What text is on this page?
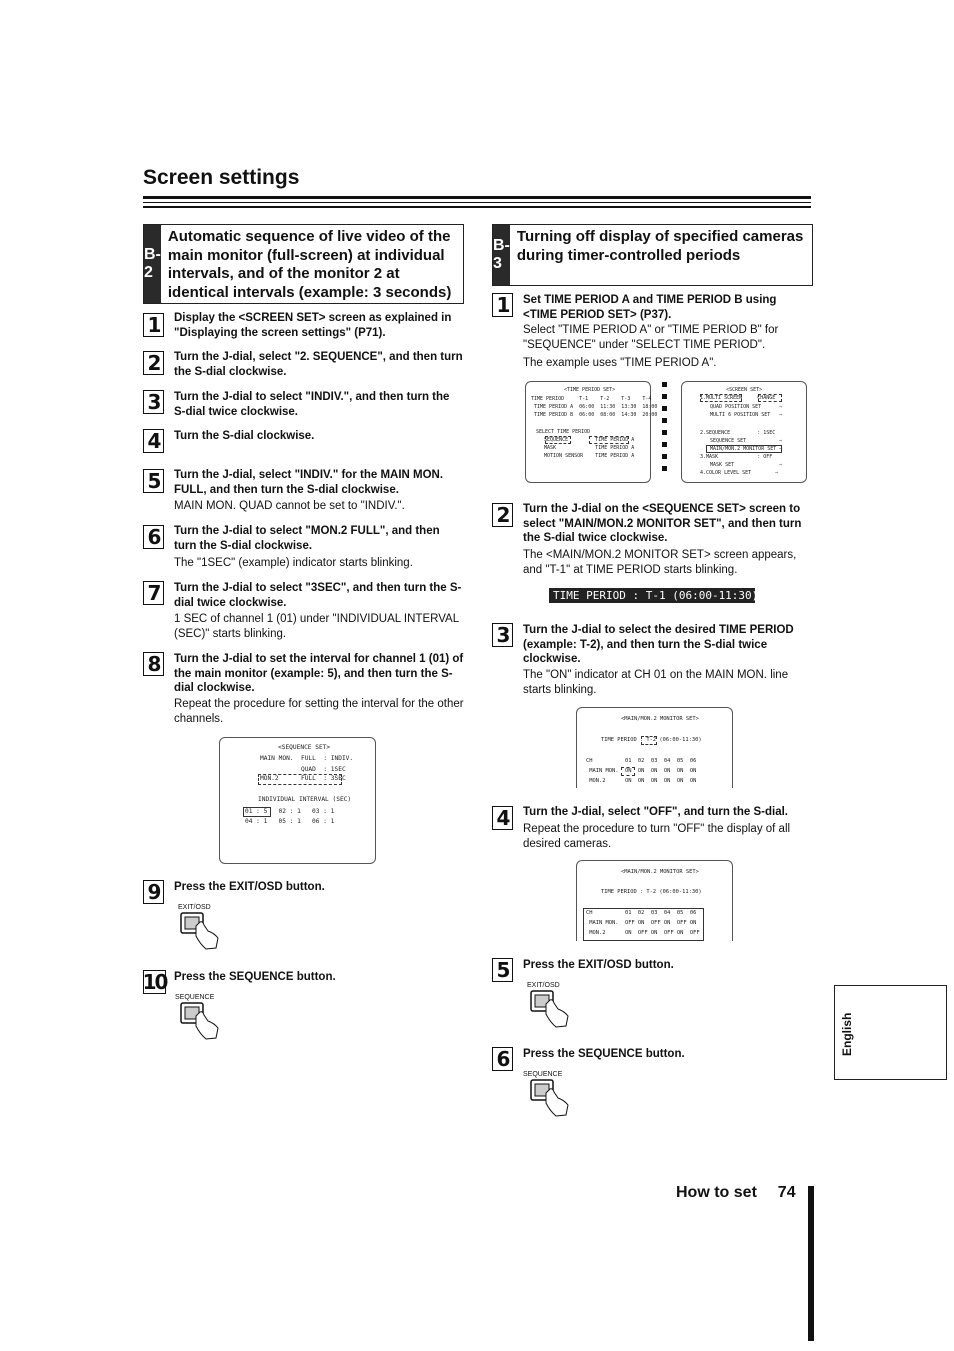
Screen settings
B-2
Automatic sequence of live video of the main monitor (full-screen) at individual intervals, and of the monitor 2 at identical intervals (example: 3 seconds)
1	Display the <SCREEN SET> screen as explained in "Displaying the screen settings" (P71).
2	Turn the J-dial, select "2. SEQUENCE", and then turn the S-dial clockwise.
3	Turn the J-dial to select "INDIV.", and then turn the S-dial twice clockwise.
4	Turn the S-dial clockwise.
5	Turn the J-dial, select "INDIV." for the MAIN MON. FULL, and then turn the S-dial clockwise.
MAIN MON. QUAD cannot be set to "INDIV.".
6	Turn the J-dial to select "MON.2 FULL", and then turn the S-dial clockwise.
The "1SEC" (example) indicator starts blinking.
7	Turn the J-dial to select "3SEC", and then turn the S-dial twice clockwise.
1 SEC of channel 1 (01) under "INDIVIDUAL INTERVAL (SEC)" starts blinking.
8	Turn the J-dial to set the interval for channel 1 (01) of the main monitor (example: 5), and then turn the S-dial clockwise.
Repeat the procedure for setting the interval for the other channels.
<SEQUENCE SET>
MAIN MON.  FULL  : INDIV.
QUAD  : 1SEC
MON.2      FULL  : 3SEC
INDIVIDUAL INTERVAL (SEC)
01 : 5   02 : 1   03 : 1
04 : 1   05 : 1   06 : 1
9	Press the EXIT/OSD button.
EXIT/OSD
10 Press the SEQUENCE button.
SEQUENCE
B-3
Turning off display of specified cameras during timer-controlled periods
1	Set TIME PERIOD A and TIME PERIOD B using <TIME PERIOD SET> (P37).
Select "TIME PERIOD A" or "TIME PERIOD B" for "SEQUENCE" under "SELECT TIME PERIOD".
The example uses "TIME PERIOD A".
<TIME PERIOD SET>
TIME PERIOD     T-1    T-2    T-3    T-4
TIME PERIOD A  06:00  11:30  13:30  18:00
TIME PERIOD B  06:00  08:00  14:30  20:00
SELECT TIME PERIOD
SEQUENCE         TIME PERIOD A
MASK             TIME PERIOD A
MOTION SENSOR    TIME PERIOD A
<SCREEN SET>
1.MULTI SCREEN     CHANGE
QUAD POSITION SET      ⇨
MULTI 6 POSITION SET   ⇨
2.SEQUENCE         : 1SEC
SEQUENCE SET           ⇨
MAIN/MON.2 MONITOR SET ⇨
3.MASK             : OFF
MASK SET               ⇨
4.COLOR LEVEL SET        ⇨
2	Turn the J-dial on the <SEQUENCE SET> screen to select "MAIN/MON.2 MONITOR SET", and then turn the S-dial twice clockwise.
The <MAIN/MON.2 MONITOR SET> screen appears, and "T-1" at TIME PERIOD starts blinking.
TIME PERIOD : T-1 (06:00-11:30)
3	Turn the J-dial to select the desired TIME PERIOD (example: T-2), and then turn the S-dial twice clockwise.
The "ON" indicator at CH 01 on the MAIN MON. line starts blinking.
<MAIN/MON.2 MONITOR SET>
TIME PERIOD : T-2 (06:00-11:30)
CH          01  02  03  04  05  06
MAIN MON.  ON  ON  ON  ON  ON  ON
MON.2      ON  ON  ON  ON  ON  ON
4	Turn the J-dial, select "OFF", and turn the S-dial.
Repeat the procedure to turn "OFF" the display of all desired cameras.
<MAIN/MON.2 MONITOR SET>
TIME PERIOD : T-2 (06:00-11:30)
CH          01  02  03  04  05  06
MAIN MON.  OFF ON  OFF ON  OFF ON
MON.2      ON  OFF ON  OFF ON  OFF
5	Press the EXIT/OSD button.
EXIT/OSD
6	Press the SEQUENCE button.
SEQUENCE
English
How to set 74
